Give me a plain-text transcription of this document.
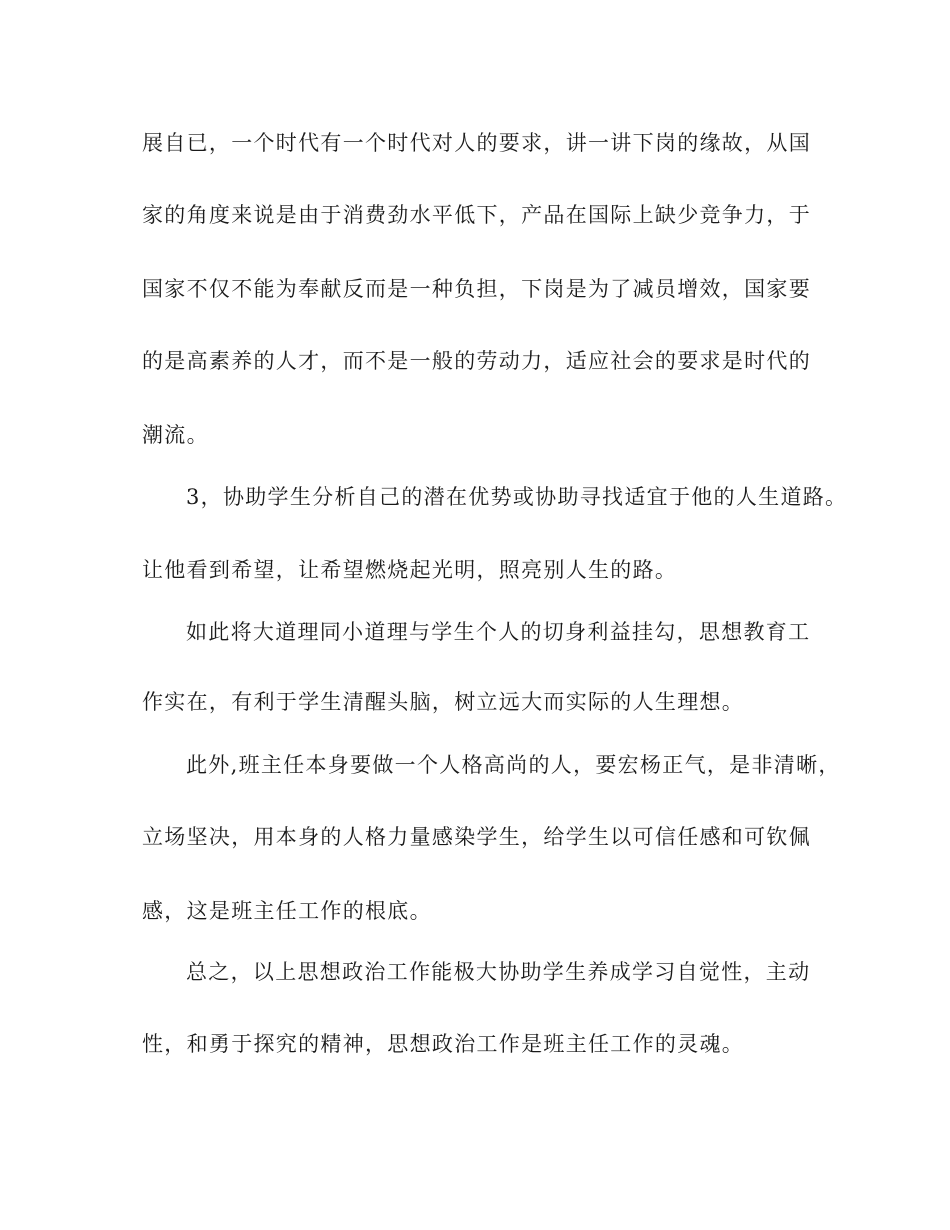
展自已，一个时代有一个时代对人的要求，讲一讲下岗的缘故，从国
家的角度来说是由于消费劲水平低下，产品在国际上缺少竞争力，于
国家不仅不能为奉献反而是一种负担，下岗是为了减员增效，国家要
的是高素养的人才，而不是一般的劳动力，适应社会的要求是时代的
潮流。
3，协助学生分析自己的潜在优势或协助寻找适宜于他的人生道路。
让他看到希望，让希望燃烧起光明，照亮别人生的路。
如此将大道理同小道理与学生个人的切身利益挂勾，思想教育工
作实在，有利于学生清醒头脑，树立远大而实际的人生理想。
此外,班主任本身要做一个人格高尚的人，要宏杨正气，是非清晰，
立场坚决，用本身的人格力量感染学生，给学生以可信任感和可钦佩
感，这是班主任工作的根底。
总之，以上思想政治工作能极大协助学生养成学习自觉性，主动
性，和勇于探究的精神，思想政治工作是班主任工作的灵魂。
